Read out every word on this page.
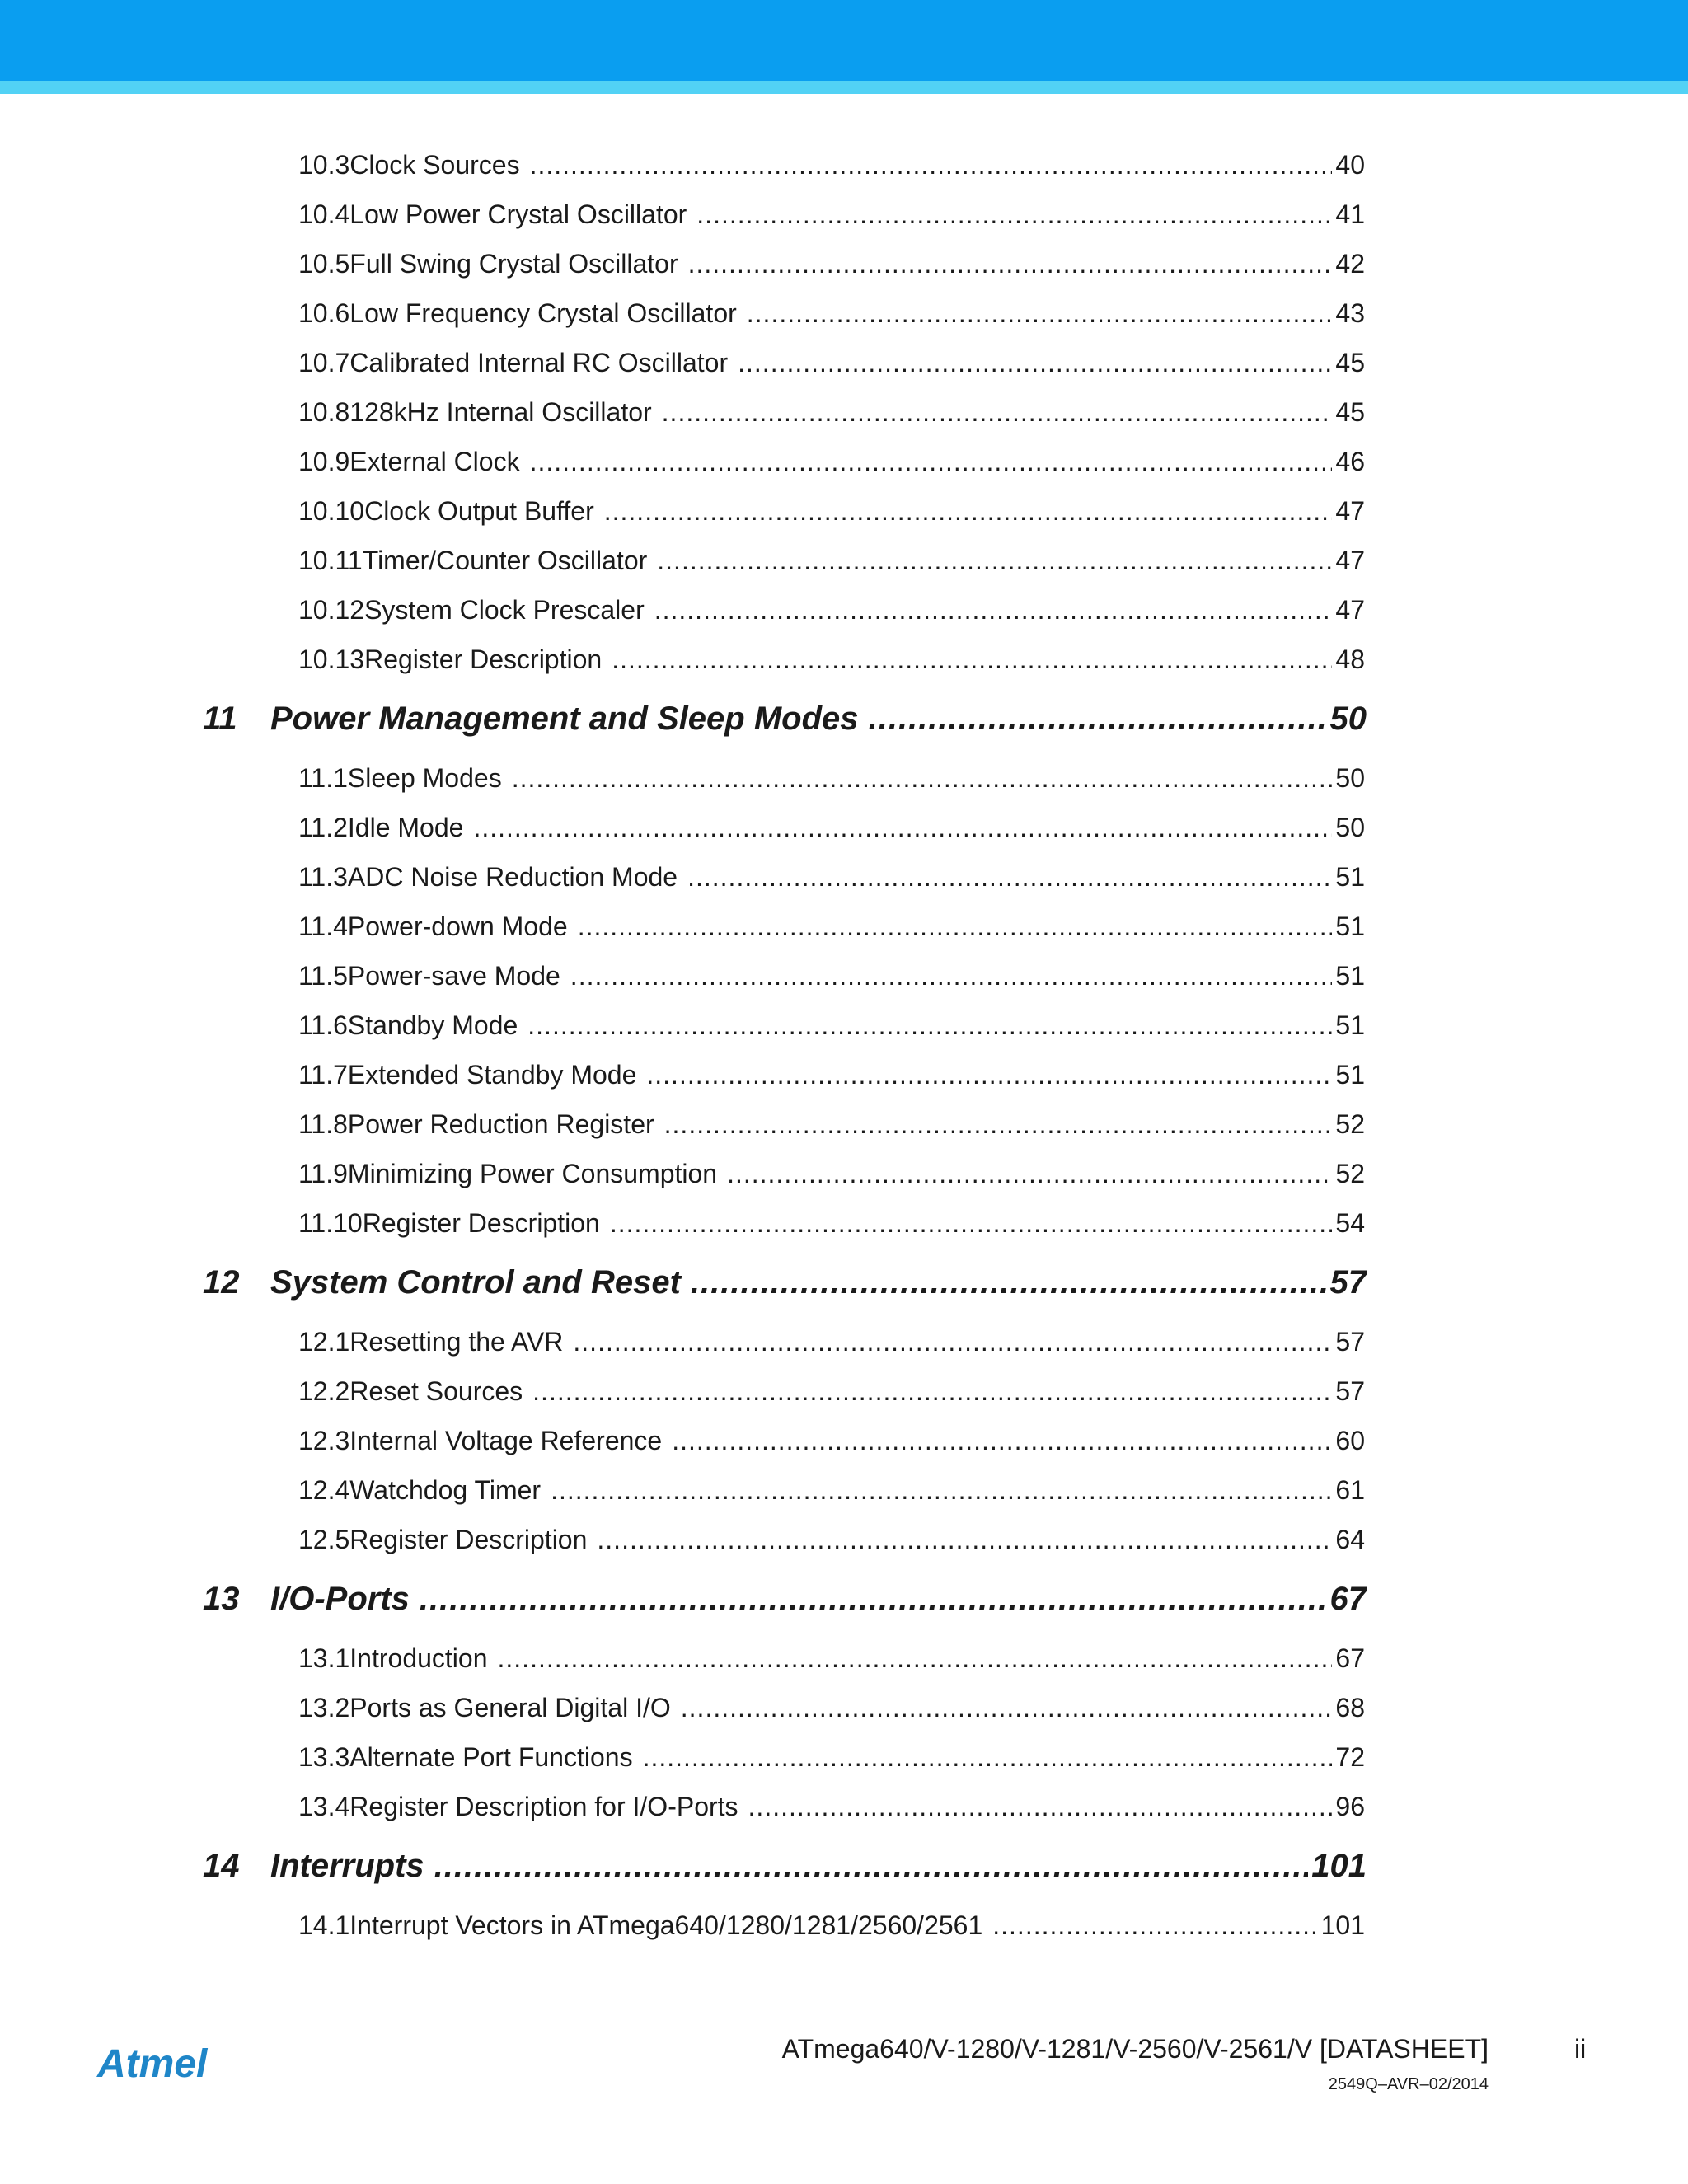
10.3Clock Sources .....	40
10.4Low Power Crystal Oscillator .....	41
10.5Full Swing Crystal Oscillator .....	42
10.6Low Frequency Crystal Oscillator .....	43
10.7Calibrated Internal RC Oscillator .....	45
10.8128kHz Internal Oscillator .....	45
10.9External Clock .....	46
10.10Clock Output Buffer .....	47
10.11Timer/Counter Oscillator .....	47
10.12System Clock Prescaler .....	47
10.13Register Description .....	48
11	Power Management and Sleep Modes .....	50
11.1Sleep Modes .....	50
11.2Idle Mode .....	50
11.3ADC Noise Reduction Mode .....	51
11.4Power-down Mode .....	51
11.5Power-save Mode .....	51
11.6Standby Mode .....	51
11.7Extended Standby Mode .....	51
11.8Power Reduction Register .....	52
11.9Minimizing Power Consumption .....	52
11.10Register Description .....	54
12 System Control and Reset .....	57
12.1Resetting the AVR .....	57
12.2Reset Sources .....	57
12.3Internal Voltage Reference .....	60
12.4Watchdog Timer .....	61
12.5Register Description .....	64
13 I/O-Ports .....	67
13.1Introduction .....	67
13.2Ports as General Digital I/O .....	68
13.3Alternate Port Functions .....	72
13.4Register Description for I/O-Ports .....	96
14 Interrupts .....	101
14.1Interrupt Vectors in ATmega640/1280/1281/2560/2561 .....	101
Atmel	ATmega640/V-1280/V-1281/V-2560/V-2561/V [DATASHEET]
2549Q–AVR–02/2014
ii
